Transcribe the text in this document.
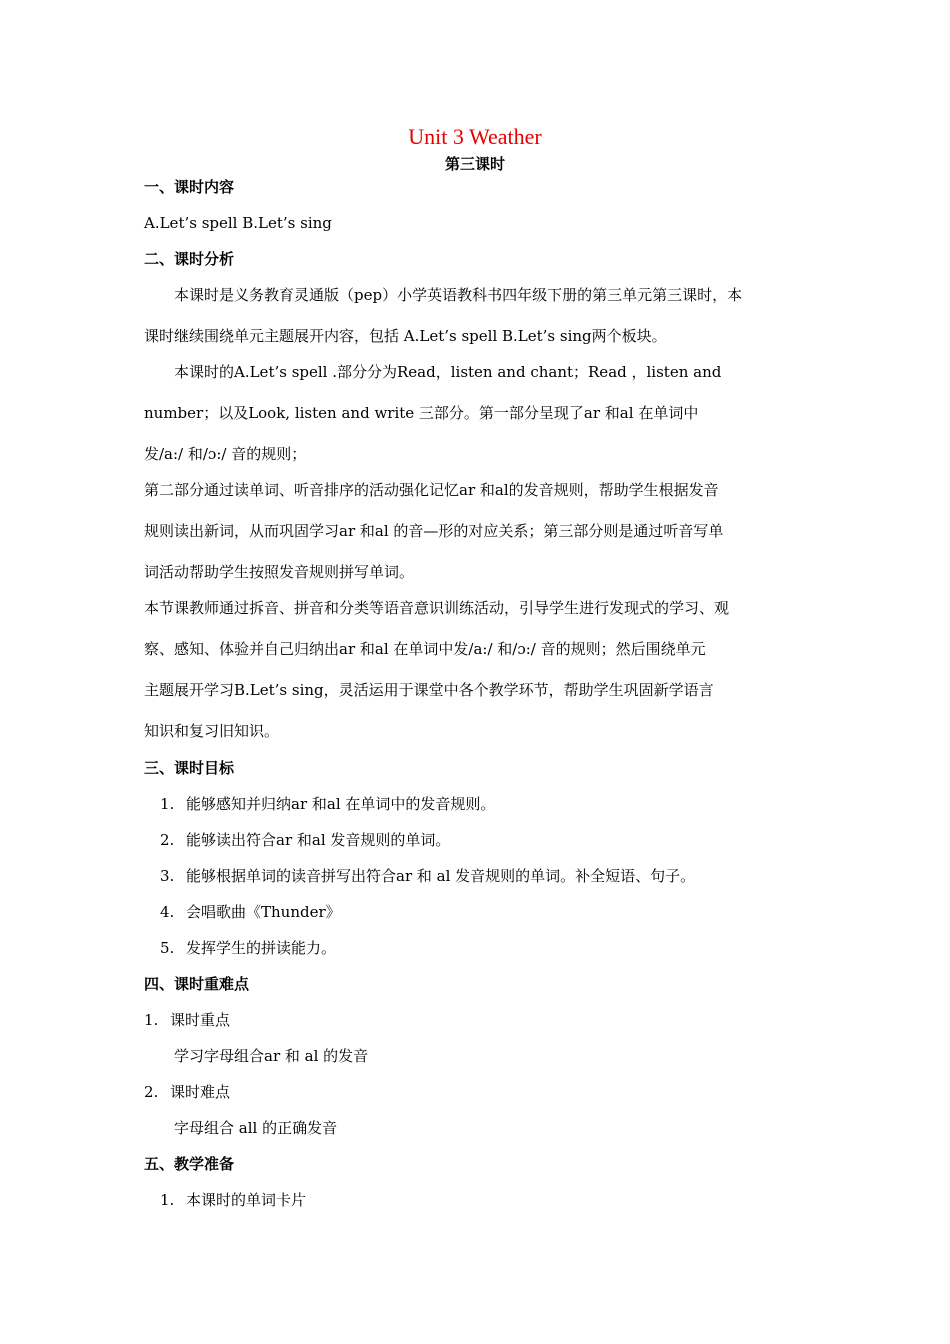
Unit 3 Weather
第三课时
一、课时内容
A.Let’s spell B.Let’s sing
二、课时分析
本课时是义务教育灵通版（pep）小学英语教科书四年级下册的第三单元第三课时，本
课时继续围绕单元主题展开内容，包括 A.Let’s spell B.Let’s sing两个板块。
本课时的A.Let’s spell .部分分为Read，listen and chant；Read ，listen and
number；以及Look, listen and write 三部分。第一部分呈现了ar 和al 在单词中
发/a:/ 和/ɔ:/ 音的规则；
第二部分通过读单词、听音排序的活动强化记忆ar 和al的发音规则，帮助学生根据发音
规则读出新词，从而巩固学习ar 和al 的音—形的对应关系；第三部分则是通过听音写单
词活动帮助学生按照发音规则拼写单词。
本节课教师通过拆音、拼音和分类等语音意识训练活动，引导学生进行发现式的学习、观
察、感知、体验并自己归纳出ar 和al 在单词中发/a:/ 和/ɔ:/ 音的规则；然后围绕单元
主题展开学习B.Let’s sing，灵活运用于课堂中各个教学环节，帮助学生巩固新学语言
知识和复习旧知识。
三、课时目标
1. 能够感知并归纳ar 和al 在单词中的发音规则。
2. 能够读出符合ar 和al 发音规则的单词。
3. 能够根据单词的读音拼写出符合ar 和 al 发音规则的单词。补全短语、句子。
4. 会唱歌曲《Thunder》
5. 发挥学生的拼读能力。
四、课时重难点
1. 课时重点
学习字母组合ar 和 al 的发音
2. 课时难点
字母组合 all 的正确发音
五、教学准备
1. 本课时的单词卡片
